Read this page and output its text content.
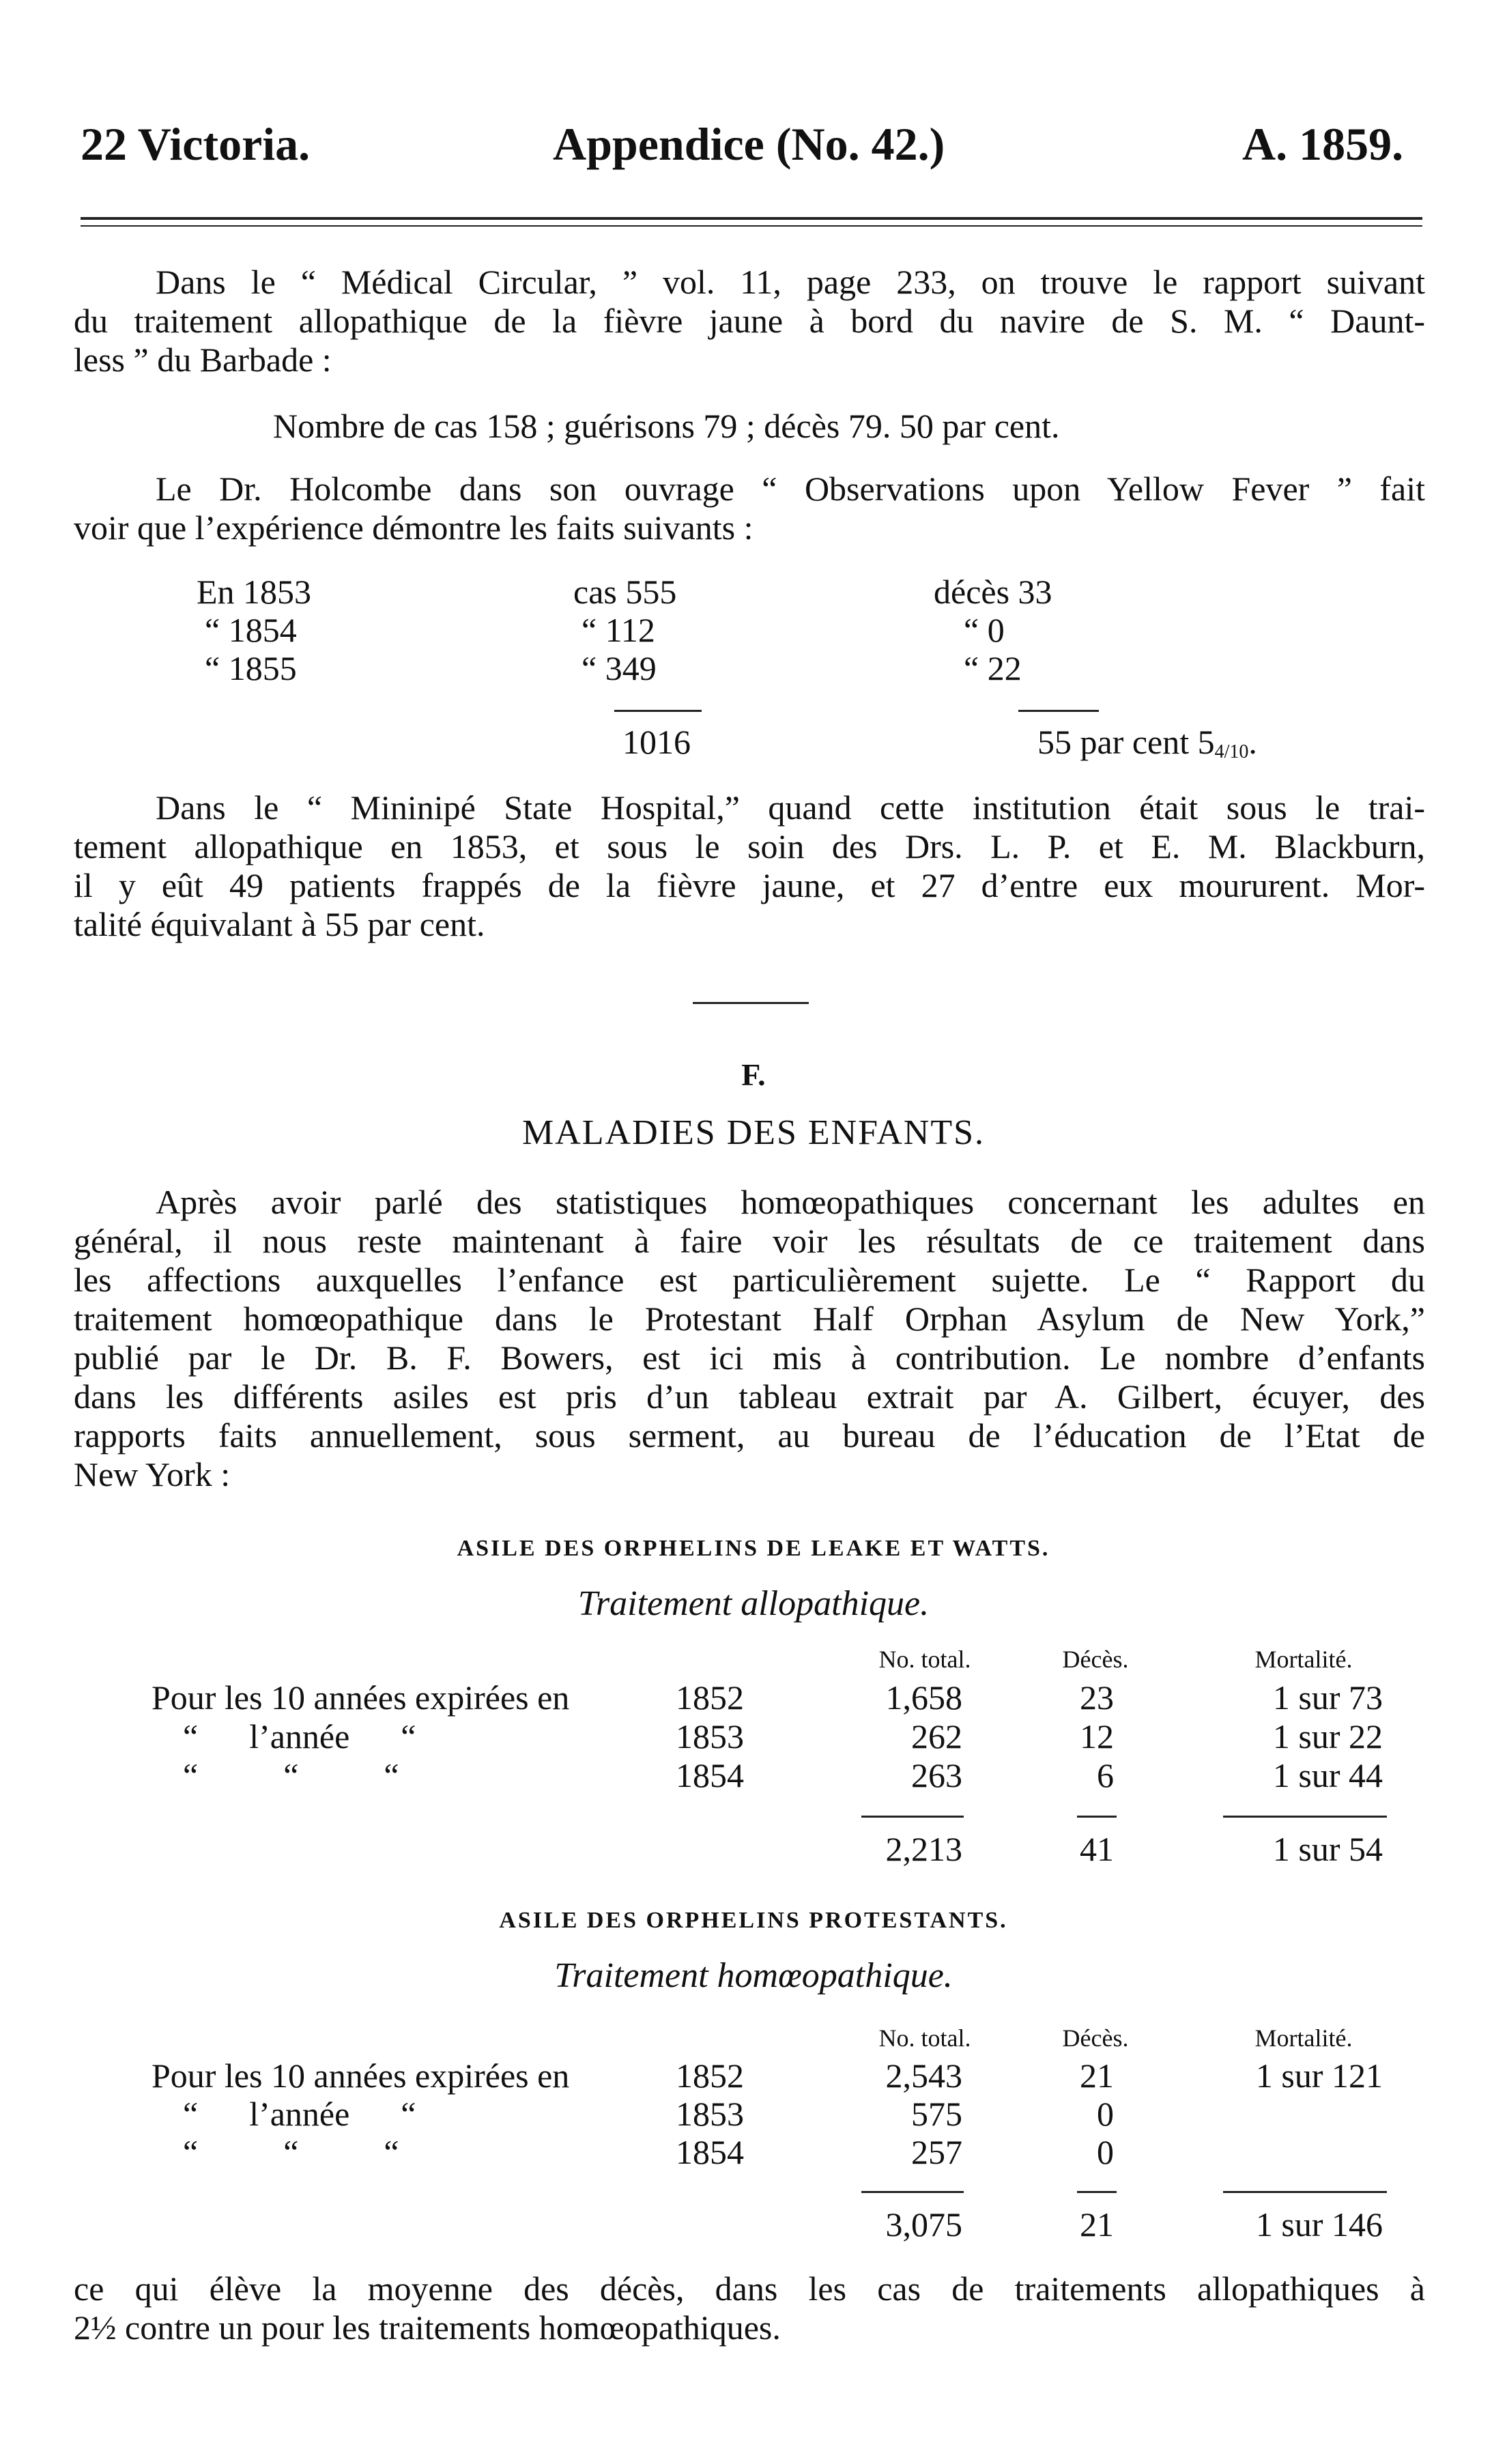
22 Victoria.	Appendice (No. 42.)	A. 1859.

Dans le “ Médical Circular, ” vol. 11, page 233, on trouve le rapport suivant

du traitement allopathique de la fièvre jaune à bord du navire de S. M. “ Daunt-

less ” du Barbade :

Nombre de cas 158 ; guérisons 79 ; décès 79. 50 par cent.

Le Dr. Holcombe dans son ouvrage “ Observations upon Yellow Fever ” fait

voir que l’expérience démontre les faits suivants :

En 1853	cas 555	décès 33
“ 1854	“ 112	“ 0
“ 1855	“ 349	“ 22
1016	55 par cent 54/10.

Dans le “ Mininipé State Hospital,” quand cette institution était sous le trai-

tement allopathique en 1853, et sous le soin des Drs. L. P. et E. M. Blackburn,

il y eût 49 patients frappés de la fièvre jaune, et 27 d’entre eux moururent. Mor-

talité équivalant à 55 par cent.

F.
MALADIES DES ENFANTS.

Après avoir parlé des statistiques homœopathiques concernant les adultes en

général, il nous reste maintenant à faire voir les résultats de ce traitement dans

les affections auxquelles l’enfance est particulièrement sujette. Le “ Rapport du

traitement homœopathique dans le Protestant Half Orphan Asylum de New York,”

publié par le Dr. B. F. Bowers, est ici mis à contribution. Le nombre d’enfants

dans les différents asiles est pris d’un tableau extrait par A. Gilbert, écuyer, des

rapports faits annuellement, sous serment, au bureau de l’éducation de l’Etat de

New York :

ASILE DES ORPHELINS DE LEAKE ET WATTS.
Traitement allopathique.
No. total.	Décès.	Mortalité.
Pour les 10 années expirées en	1852	1,658	23	1 sur 73
“      l’année      “	1853	262	12	1 sur 22
“          “          “	1854	263	6	1 sur 44
2,213	41	1 sur 54
ASILE DES ORPHELINS PROTESTANTS.
Traitement homœopathique.
No. total.	Décès.	Mortalité.
Pour les 10 années expirées en	1852	2,543	21	1 sur 121
“      l’année      “	1853	575	0
“          “          “	1854	257	0
3,075	21	1 sur 146

ce qui élève la moyenne des décès, dans les cas de traitements allopathiques à

2½ contre un pour les traitements homœopathiques.
